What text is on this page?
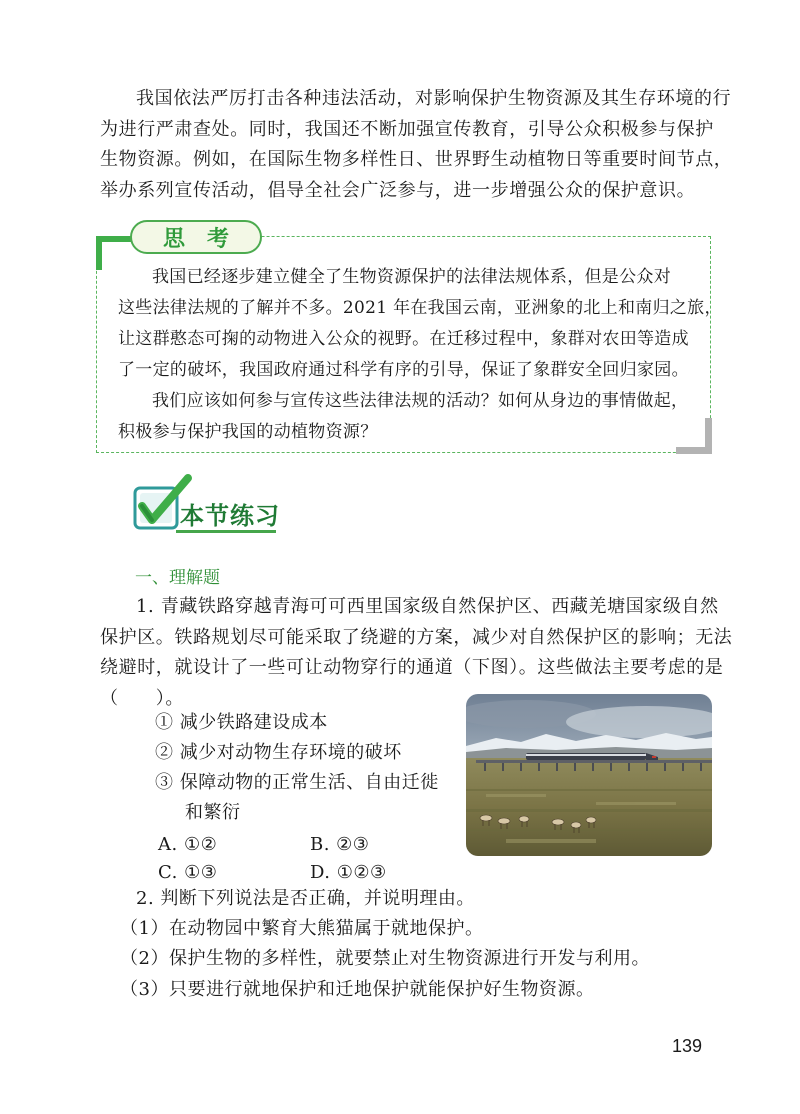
我国依法严厉打击各种违法活动，对影响保护生物资源及其生存环境的行
为进行严肃查处。同时，我国还不断加强宣传教育，引导公众积极参与保护
生物资源。例如，在国际生物多样性日、世界野生动植物日等重要时间节点，
举办系列宣传活动，倡导全社会广泛参与，进一步增强公众的保护意识。
思考
我国已经逐步建立健全了生物资源保护的法律法规体系，但是公众对
这些法律法规的了解并不多。2021 年在我国云南，亚洲象的北上和南归之旅，
让这群憨态可掬的动物进入公众的视野。在迁移过程中，象群对农田等造成
了一定的破坏，我国政府通过科学有序的引导，保证了象群安全回归家园。
我们应该如何参与宣传这些法律法规的活动？如何从身边的事情做起，
积极参与保护我国的动植物资源？
本节练习
一、理解题
1. 青藏铁路穿越青海可可西里国家级自然保护区、西藏羌塘国家级自然
保护区。铁路规划尽可能采取了绕避的方案，减少对自然保护区的影响；无法
绕避时，就设计了一些可让动物穿行的通道（下图）。这些做法主要考虑的是
（　　）。
① 减少铁路建设成本
② 减少对动物生存环境的破坏
③ 保障动物的正常生活、自由迁徙
和繁衍
A. ①②	B. ②③
C. ①③	D. ①②③
2. 判断下列说法是否正确，并说明理由。
（1）在动物园中繁育大熊猫属于就地保护。
（2）保护生物的多样性，就要禁止对生物资源进行开发与利用。
（3）只要进行就地保护和迁地保护就能保护好生物资源。
139
